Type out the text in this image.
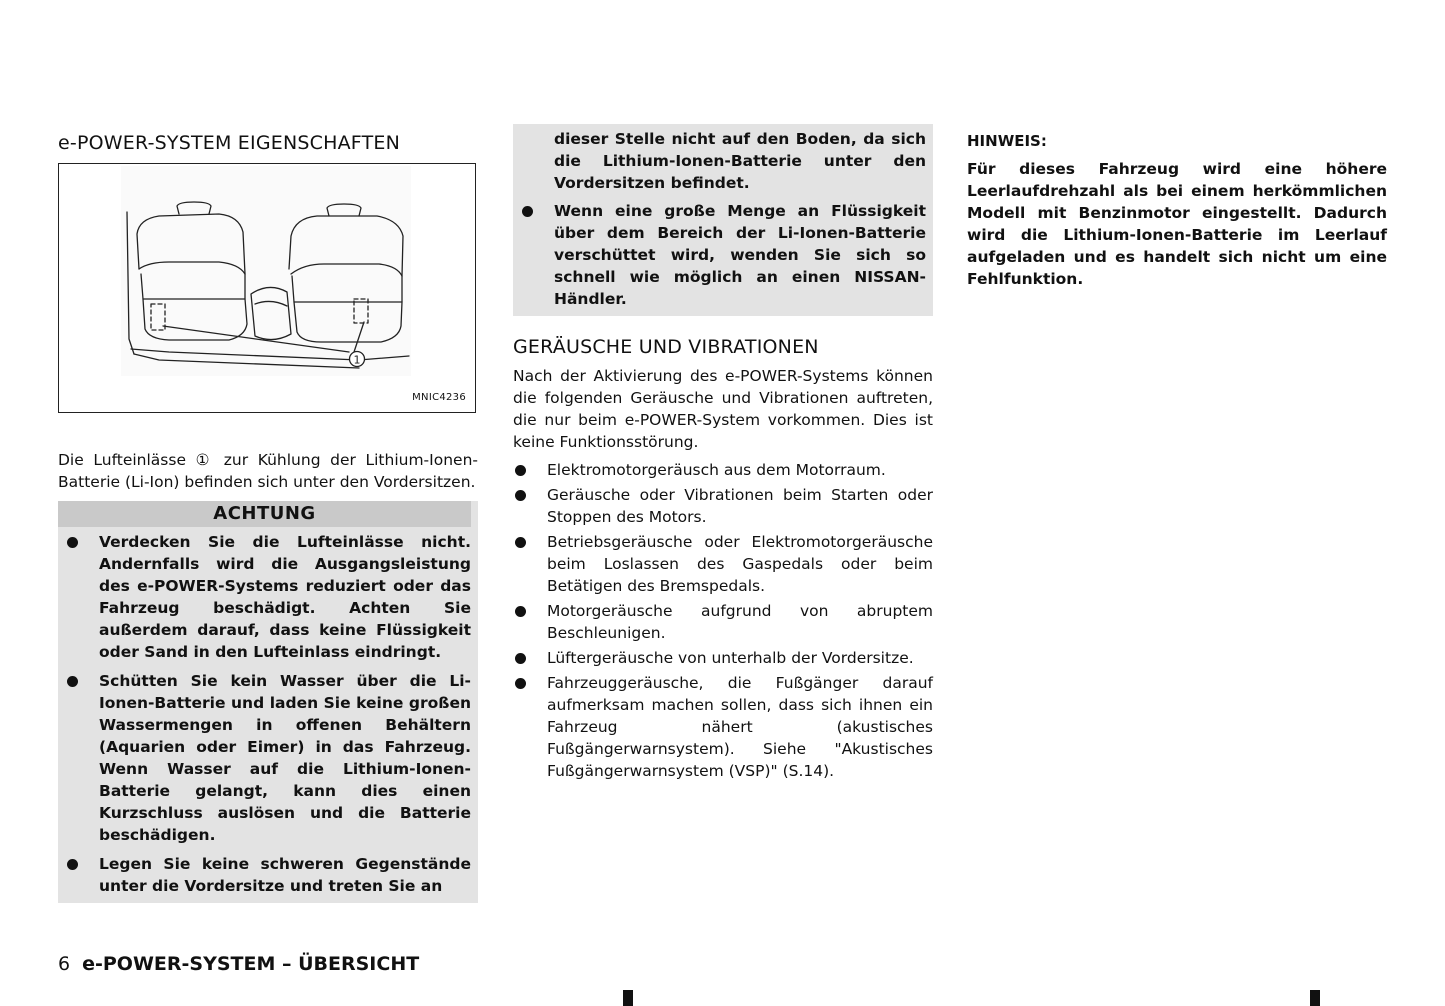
e-POWER-SYSTEM EIGENSCHAFTEN
1
MNIC4236

Die Lufteinlässe ① zur Kühlung der Lithium-Ionen-Batterie (Li-Ion) befinden sich unter den Vordersitzen.

ACHTUNG
Verdecken Sie die Lufteinlässe nicht. Andernfalls wird die Ausgangsleistung des e-POWER-Systems reduziert oder das Fahrzeug beschädigt. Achten Sie außerdem darauf, dass keine Flüssigkeit oder Sand in den Lufteinlass eindringt.
Schütten Sie kein Wasser über die Li-Ionen-Batterie und laden Sie keine großen Wassermengen in offenen Behältern (Aquarien oder Eimer) in das Fahrzeug. Wenn Wasser auf die Lithium-Ionen-Batterie gelangt, kann dies einen Kurzschluss auslösen und die Batterie beschädigen.
Legen Sie keine schweren Gegenstände unter die Vordersitze und treten Sie an

dieser Stelle nicht auf den Boden, da sich die Lithium-Ionen-Batterie unter den Vordersitzen befindet.

Wenn eine große Menge an Flüssigkeit über dem Bereich der Li-Ionen-Batterie verschüttet wird, wenden Sie sich so schnell wie möglich an einen NISSAN-Händler.
GERÄUSCHE UND VIBRATIONEN

Nach der Aktivierung des e-POWER-Systems können die folgenden Geräusche und Vibrationen auftreten, die nur beim e-POWER-System vorkommen. Dies ist keine Funktionsstörung.

Elektromotorgeräusch aus dem Motorraum.
Geräusche oder Vibrationen beim Starten oder Stoppen des Motors.
Betriebsgeräusche oder Elektromotorgeräusche beim Loslassen des Gaspedals oder beim Betätigen des Bremspedals.
Motorgeräusche aufgrund von abruptem Beschleunigen.
Lüftergeräusche von unterhalb der Vordersitze.
Fahrzeuggeräusche, die Fußgänger darauf aufmerksam machen sollen, dass sich ihnen ein Fahrzeug nähert (akustisches Fußgängerwarnsystem). Siehe "Akustisches Fußgängerwarnsystem (VSP)" (S.14).

HINWEIS:

Für dieses Fahrzeug wird eine höhere Leerlaufdrehzahl als bei einem herkömmlichen Modell mit Benzinmotor eingestellt. Dadurch wird die Lithium-Ionen-Batterie im Leerlauf aufgeladen und es handelt sich nicht um eine Fehlfunktion.

6 e-POWER-SYSTEM – ÜBERSICHT
